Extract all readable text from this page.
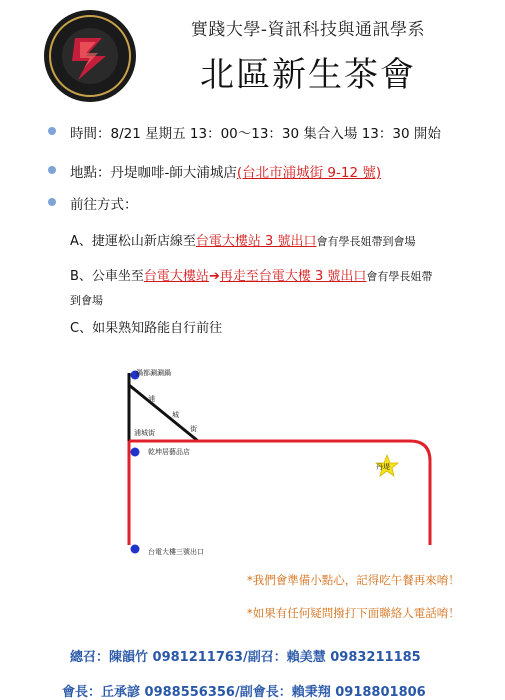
實踐大學-資訊科技與通訊學系
北區新生茶會
時間：8/21 星期五 13：00～13：30 集合入場 13：30 開始
地點：丹堤咖啡-師大浦城店(台北市浦城街 9-12 號)
前往方式：
A、捷運松山新店線至台電大樓站 3 號出口會有學長姐帶到會場
B、公車坐至台電大樓站➔再走至台電大樓 3 號出口會有學長姐帶
到會場
C、如果熟知路能自行前往
鍋都涮涮鍋
浦
城
街
浦城街
乾坤居藝品店
台電大樓三號出口
丹堤
*我們會準備小點心，記得吃午餐再來唷！
*如果有任何疑問撥打下面聯絡人電話唷！
總召：陳韻竹 0981211763/副召：賴美慧 0983211185
會長：丘承諺 0988556356/副會長：賴秉翔 0918801806
